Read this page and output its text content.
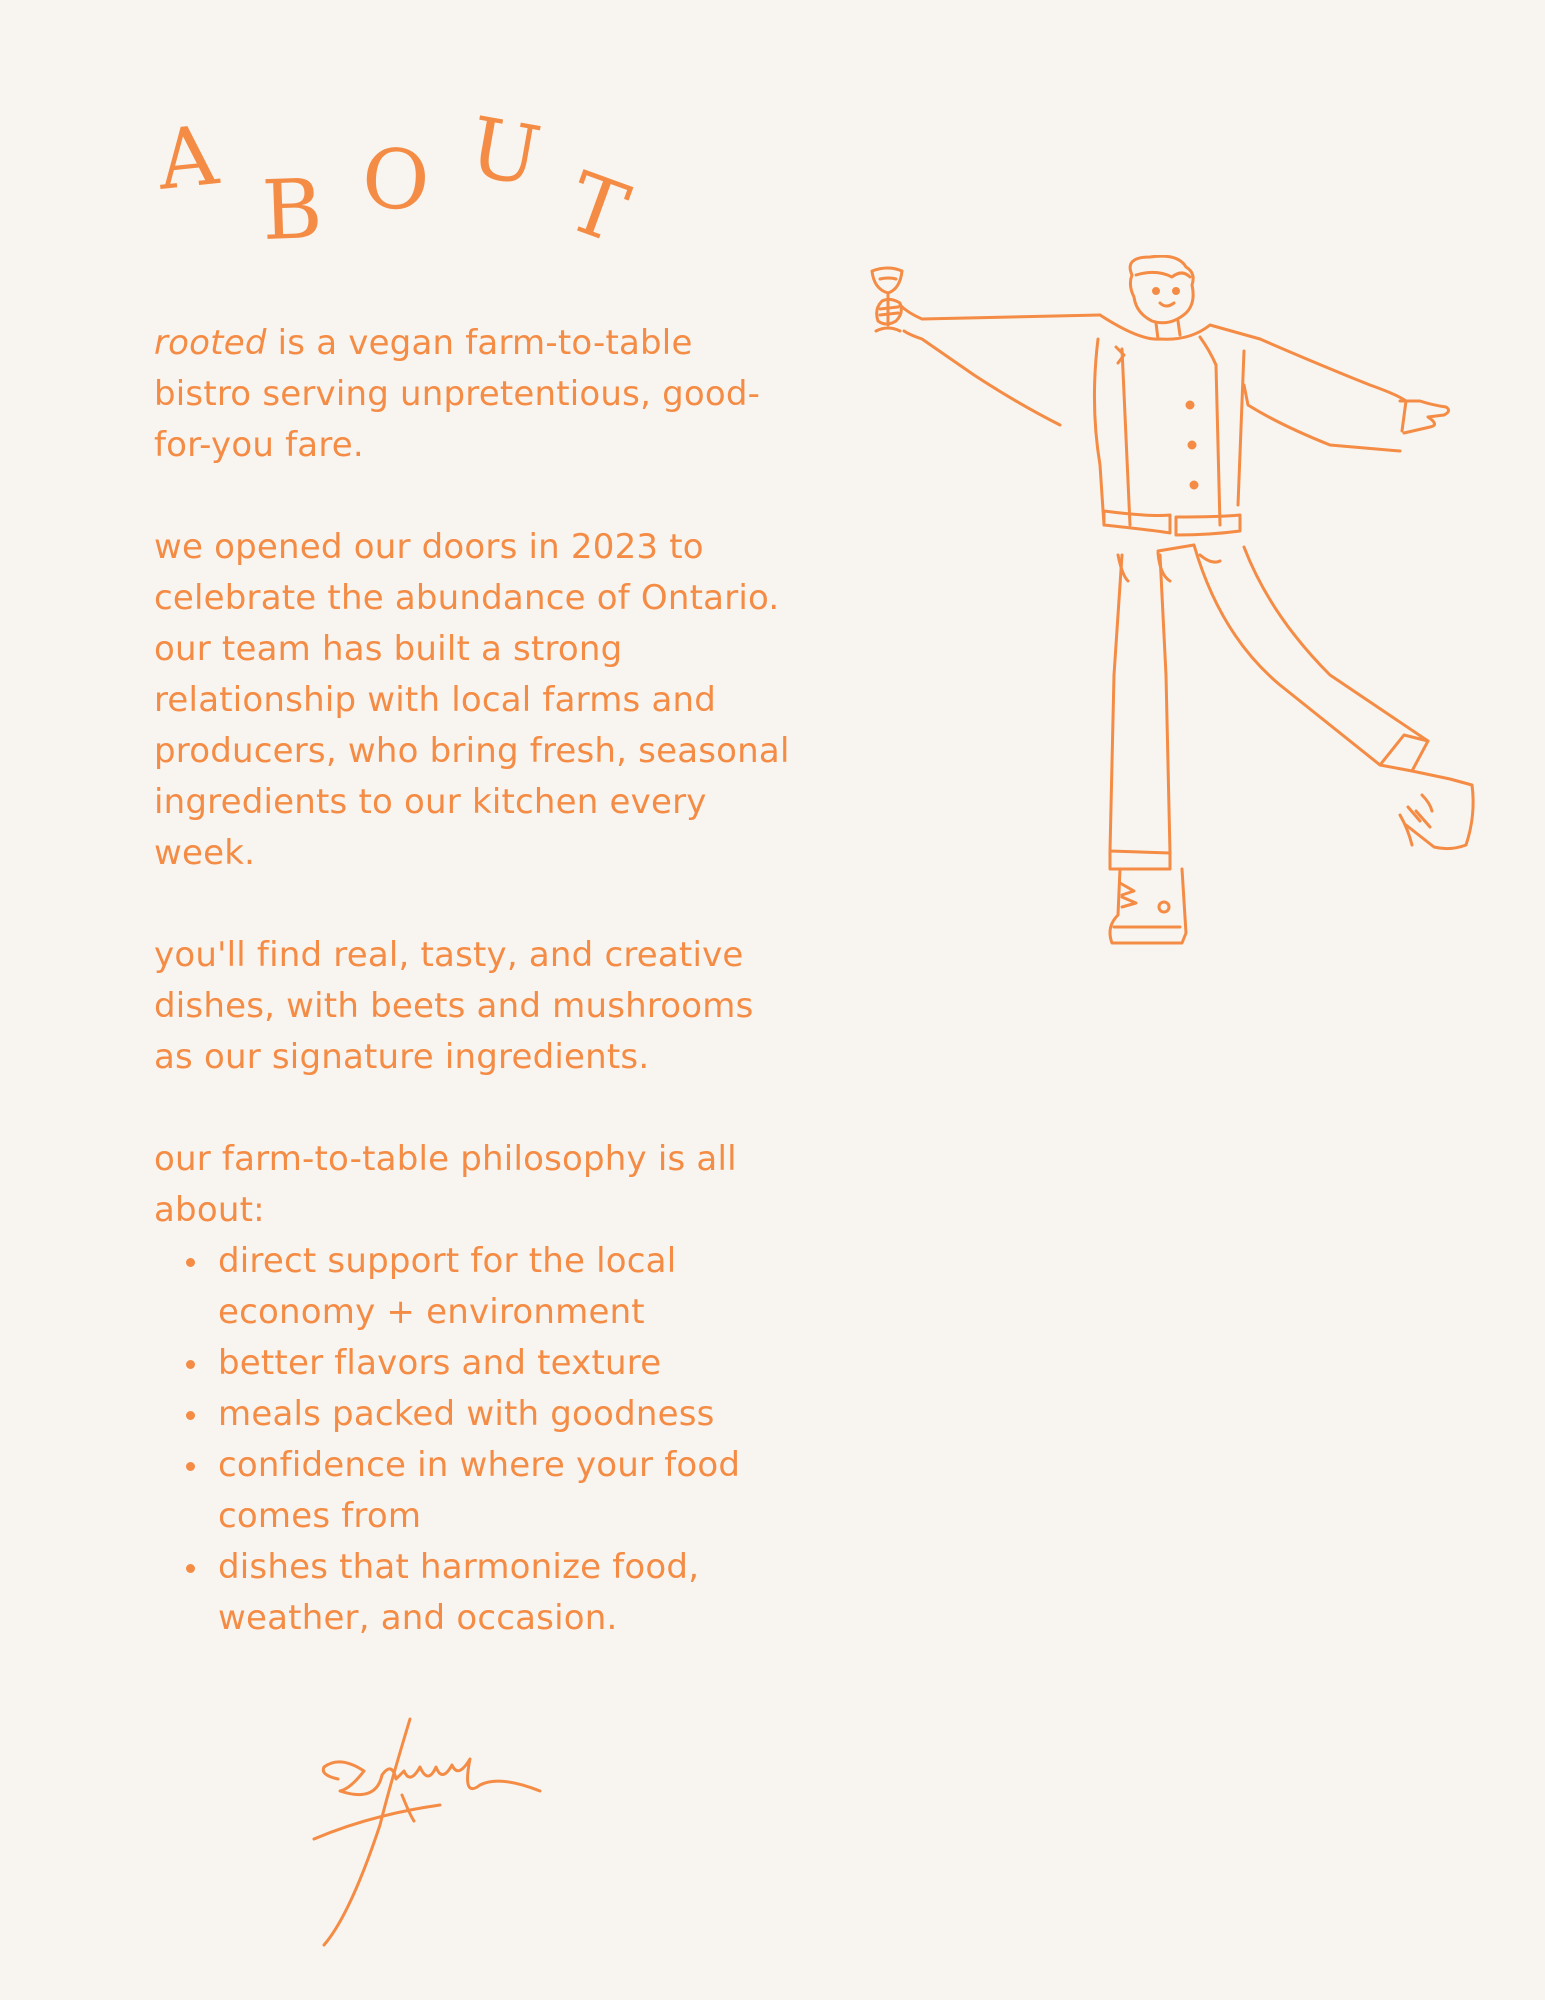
A
B O U
T

rooted is a vegan farm-to-table bistro serving unpretentious, good-for-you fare.

we opened our doors in 2023 to celebrate the abundance of Ontario. our team has built a strong relationship with local farms and producers, who bring fresh, seasonal ingredients to our kitchen every week.

you'll find real, tasty, and creative dishes, with beets and mushrooms as our signature ingredients.

our farm-to-table philosophy is all about:

direct support for the local economy + environment
better flavors and texture
meals packed with goodness
confidence in where your food comes from
dishes that harmonize food, weather, and occasion.
